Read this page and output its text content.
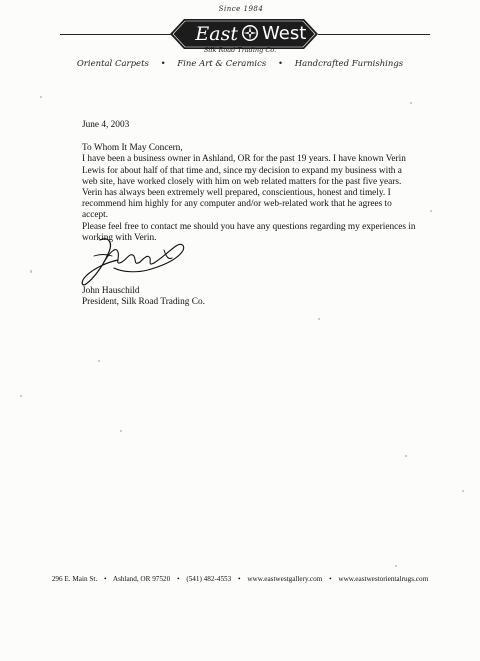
Since 1984
East West
Silk Road Trading Co.
Oriental Carpets • Fine Art & Ceramics • Handcrafted Furnishings

June 4, 2003

To Whom It May Concern,

I have been a business owner in Ashland, OR for the past 19 years. I have known Verin
Lewis for about half of that time and, since my decision to expand my business with a
web site, have worked closely with him on web related matters for the past five years.
Verin has always been extremely well prepared, conscientious, honest and timely. I
recommend him highly for any computer and/or web-related work that he agrees to
accept.

Please feel free to contact me should you have any questions regarding my experiences in
working with Verin.

John Hauschild
President, Silk Road Trading Co.
296 E. Main St. • Ashland, OR 97520 • (541) 482-4553 • www.eastwestgallery.com • www.eastwestorientalrugs.com
